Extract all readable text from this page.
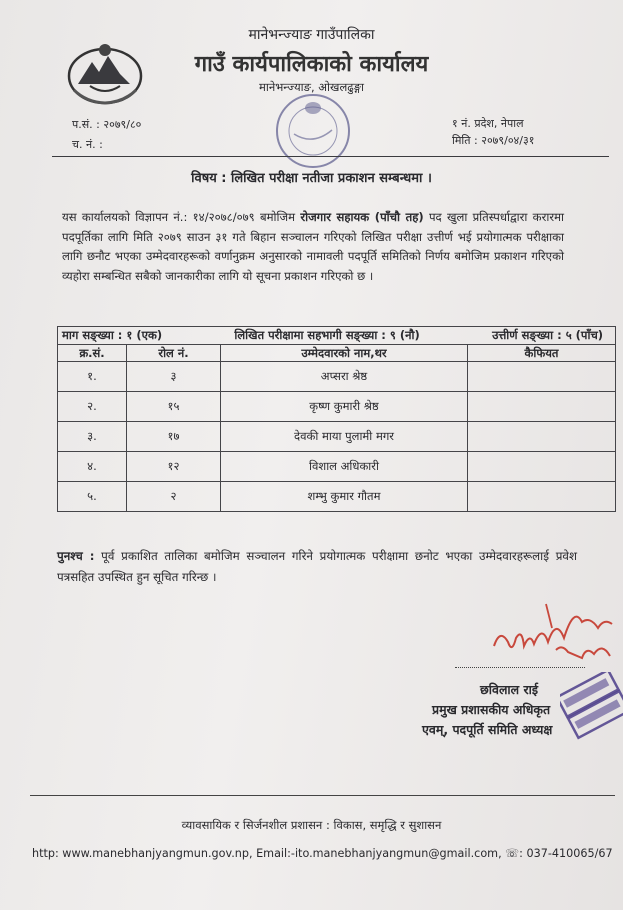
मानेभन्ज्याङ गाउँपालिका
गाउँ कार्यपालिकाको कार्यालय
मानेभन्ज्याङ, ओखलढुङ्गा
प.सं. : २०७९/८०
च. नं. :
१ नं. प्रदेश, नेपाल
मिति : २०७९/०४/३१
विषय : लिखित परीक्षा नतीजा प्रकाशन सम्बन्धमा ।
यस कार्यालयको विज्ञापन नं.: १४/२०७८/०७९ बमोजिम रोजगार सहायक (पाँचौ तह) पद खुला प्रतिस्पर्धाद्वारा करारमा पदपूर्तिका लागि मिति २०७९ साउन ३१ गते बिहान सञ्चालन गरिएको लिखित परीक्षा उत्तीर्ण भई प्रयोगात्मक परीक्षाका लागि छनौट भएका उम्मेदवारहरूको वर्णानुक्रम अनुसारको नामावली पदपूर्ति समितिको निर्णय बमोजिम प्रकाशन गरिएको व्यहोरा सम्बन्धित सबैको जानकारीका लागि यो सूचना प्रकाशन गरिएको छ ।
माग सङ्ख्या : १ (एक) लिखित परीक्षामा सहभागी सङ्ख्या : ९ (नौ) उत्तीर्ण सङ्ख्या : ५ (पाँच)			

क्र.सं.	रोल नं.	उम्मेदवारको नाम,थर	कैफियत
१.	३	अप्सरा श्रेष्ठ	
२.	१५	कृष्ण कुमारी श्रेष्ठ	
३.	१७	देवकी माया पुलामी मगर	
४.	१२	विशाल अधिकारी	
५.	२	शम्भु कुमार गौतम	
पुनश्च : पूर्व प्रकाशित तालिका बमोजिम सञ्चालन गरिने प्रयोगात्मक परीक्षामा छनोट भएका उम्मेदवारहरूलाई प्रवेश पत्रसहित उपस्थित हुन सूचित गरिन्छ ।
छविलाल राई
प्रमुख प्रशासकीय अधिकृत
एवम्, पदपूर्ति समिति अध्यक्ष
व्यावसायिक र सिर्जनशील प्रशासन : विकास, समृद्धि र सुशासन
http: www.manebhanjyangmun.gov.np, Email:-ito.manebhanjyangmun@gmail.com, ☏: 037-410065/67
